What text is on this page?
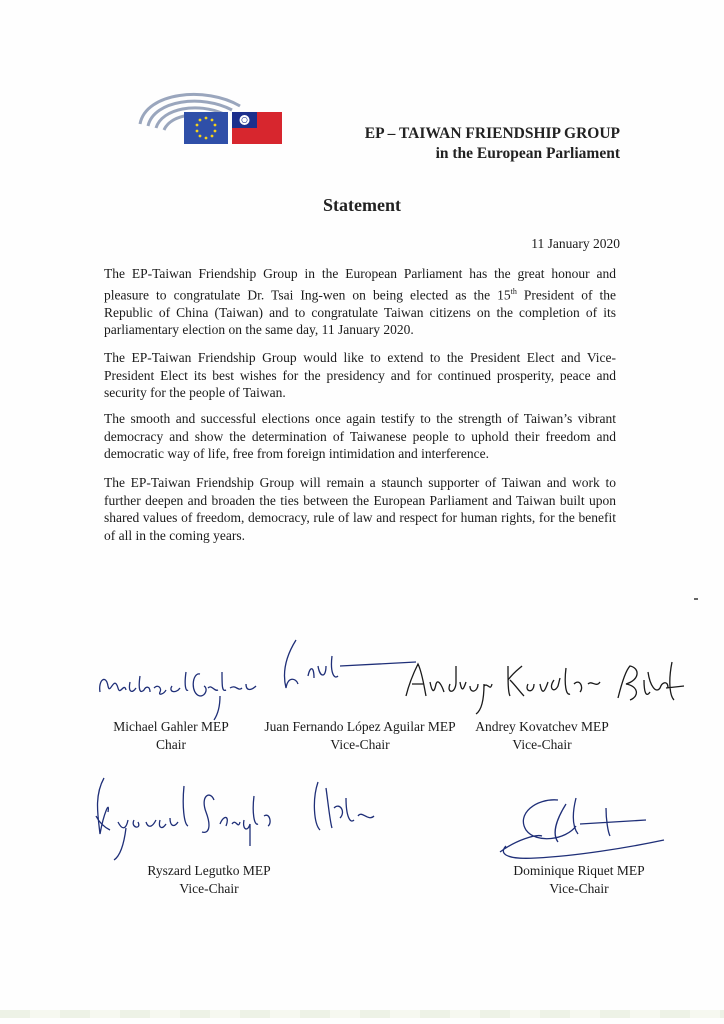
EP – TAIWAN FRIENDSHIP GROUP
in the European Parliament
Statement
11 January 2020
The EP-Taiwan Friendship Group in the European Parliament has the great honour and pleasure to congratulate Dr. Tsai Ing-wen on being elected as the 15th President of the Republic of China (Taiwan) and to congratulate Taiwan citizens on the completion of its parliamentary election on the same day, 11 January 2020.
The EP-Taiwan Friendship Group would like to extend to the President Elect and Vice-President Elect its best wishes for the presidency and for continued prosperity, peace and security for the people of Taiwan.
The smooth and successful elections once again testify to the strength of Taiwan’s vibrant democracy and show the determination of Taiwanese people to uphold their freedom and democratic way of life, free from foreign intimidation and interference.
The EP-Taiwan Friendship Group will remain a staunch supporter of Taiwan and work to further deepen and broaden the ties between the European Parliament and Taiwan built upon shared values of freedom, democracy, rule of law and respect for human rights, for the benefit of all in the coming years.
Michael Gahler MEP
Chair
Juan Fernando López Aguilar MEP
Vice-Chair
Andrey Kovatchev MEP
Vice-Chair
Ryszard Legutko MEP
Vice-Chair
Dominique Riquet MEP
Vice-Chair
